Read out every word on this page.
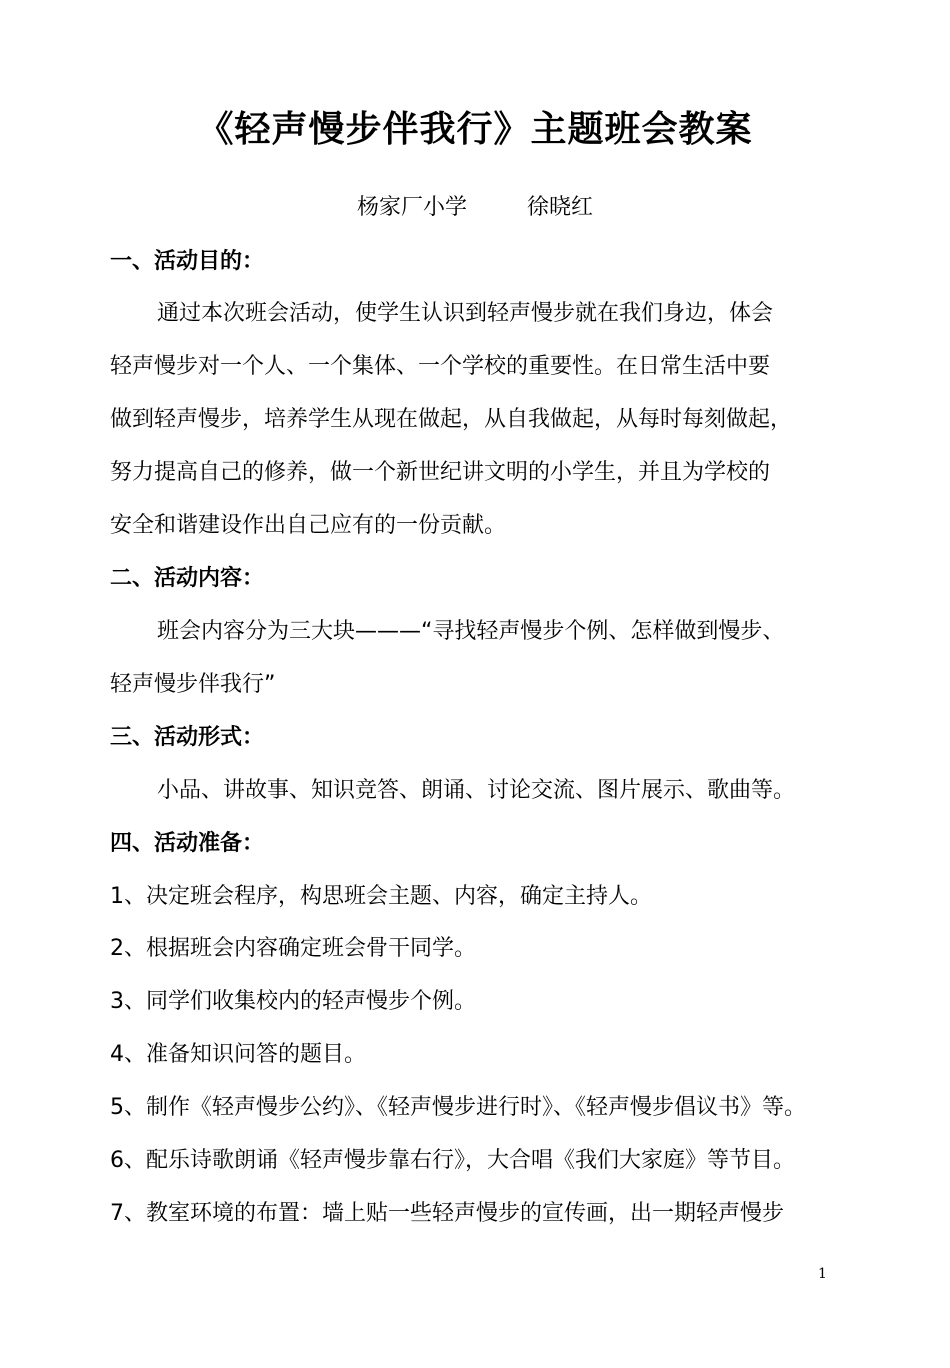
《轻声慢步伴我行》主题班会教案
杨家厂小学	徐晓红
一、活动目的：
通过本次班会活动，使学生认识到轻声慢步就在我们身边，体会
轻声慢步对一个人、一个集体、一个学校的重要性。在日常生活中要
做到轻声慢步，培养学生从现在做起，从自我做起，从每时每刻做起，
努力提高自己的修养，做一个新世纪讲文明的小学生，并且为学校的
安全和谐建设作出自己应有的一份贡献。
二、活动内容：
班会内容分为三大块———“寻找轻声慢步个例、怎样做到慢步、
轻声慢步伴我行”
三、活动形式：
小品、讲故事、知识竞答、朗诵、讨论交流、图片展示、歌曲等。
四、活动准备：
1、决定班会程序，构思班会主题、内容，确定主持人。
2、根据班会内容确定班会骨干同学。
3、同学们收集校内的轻声慢步个例。
4、准备知识问答的题目。
5、制作《轻声慢步公约》、《轻声慢步进行时》、《轻声慢步倡议书》等。
6、配乐诗歌朗诵《轻声慢步靠右行》，大合唱《我们大家庭》等节目。
7、教室环境的布置：墙上贴一些轻声慢步的宣传画，出一期轻声慢步
1
